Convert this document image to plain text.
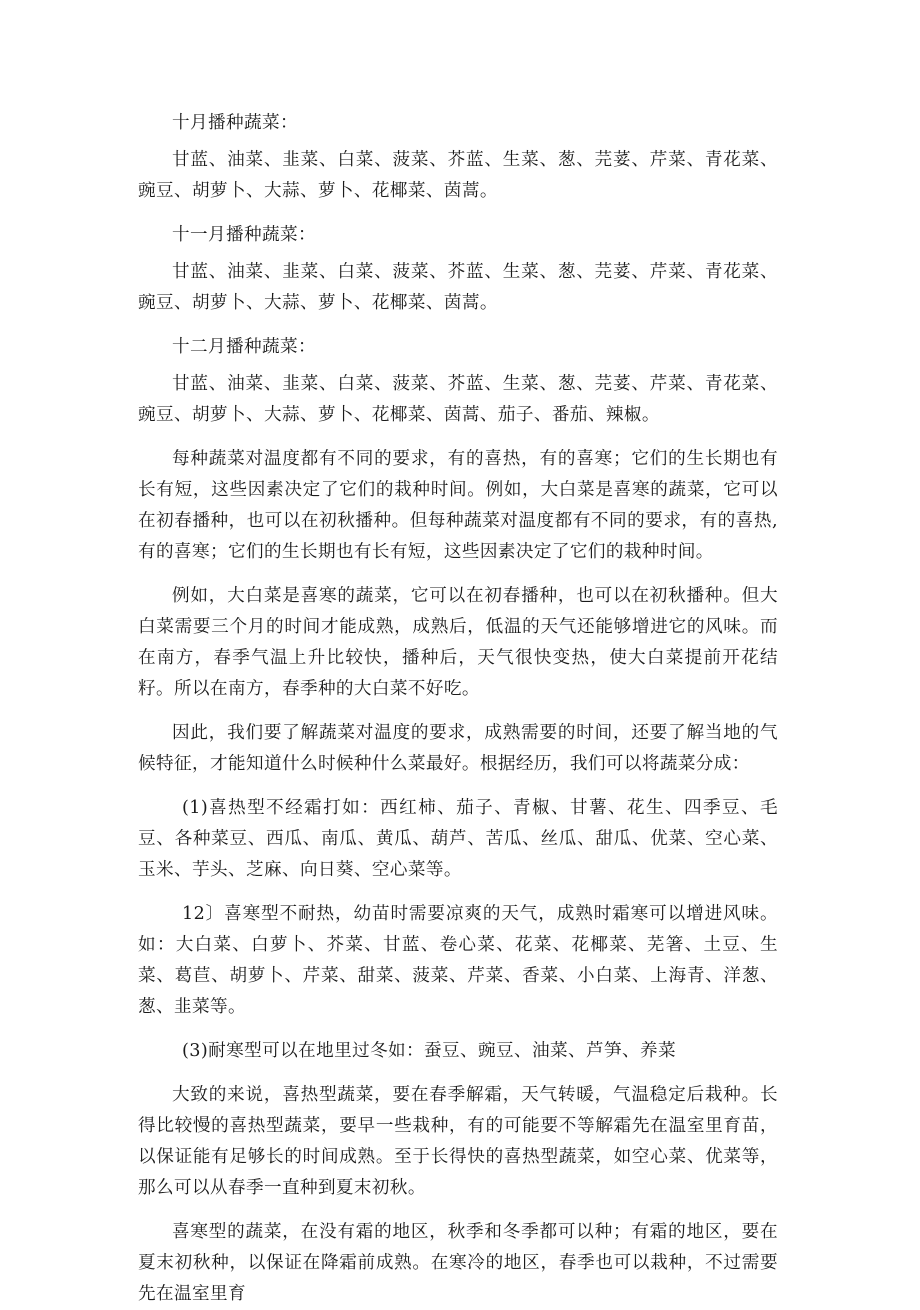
十月播种蔬菜：

甘蓝、油菜、韭菜、白菜、菠菜、芥蓝、生菜、葱、芫荽、芹菜、青花菜、豌豆、胡萝卜、大蒜、萝卜、花椰菜、茵蒿。

十一月播种蔬菜：

甘蓝、油菜、韭菜、白菜、菠菜、芥蓝、生菜、葱、芫荽、芹菜、青花菜、豌豆、胡萝卜、大蒜、萝卜、花椰菜、茵蒿。

十二月播种蔬菜：

甘蓝、油菜、韭菜、白菜、菠菜、芥蓝、生菜、葱、芫荽、芹菜、青花菜、豌豆、胡萝卜、大蒜、萝卜、花椰菜、茵蒿、茄子、番茄、辣椒。

每种蔬菜对温度都有不同的要求，有的喜热，有的喜寒；它们的生长期也有长有短，这些因素决定了它们的栽种时间。例如，大白菜是喜寒的蔬菜，它可以在初春播种，也可以在初秋播种。但每种蔬菜对温度都有不同的要求，有的喜热,有的喜寒；它们的生长期也有长有短，这些因素决定了它们的栽种时间。

例如，大白菜是喜寒的蔬菜，它可以在初春播种，也可以在初秋播种。但大白菜需要三个月的时间才能成熟，成熟后，低温的天气还能够增进它的风味。而在南方，春季气温上升比较快，播种后，天气很快变热，使大白菜提前开花结籽。所以在南方，春季种的大白菜不好吃。

因此，我们要了解蔬菜对温度的要求，成熟需要的时间，还要了解当地的气候特征，才能知道什么时候种什么菜最好。根据经历，我们可以将蔬菜分成：

(1)喜热型不经霜打如：西红柿、茄子、青椒、甘薯、花生、四季豆、毛豆、各种菜豆、西瓜、南瓜、黄瓜、葫芦、苦瓜、丝瓜、甜瓜、优菜、空心菜、玉米、芋头、芝麻、向日葵、空心菜等。

12〕喜寒型不耐热，幼苗时需要凉爽的天气，成熟时霜寒可以增进风味。如：大白菜、白萝卜、芥菜、甘蓝、卷心菜、花菜、花椰菜、芜箸、土豆、生菜、葛苣、胡萝卜、芹菜、甜菜、菠菜、芹菜、香菜、小白菜、上海青、洋葱、葱、韭菜等。

(3)耐寒型可以在地里过冬如：蚕豆、豌豆、油菜、芦笋、养菜

大致的来说，喜热型蔬菜，要在春季解霜，天气转暖，气温稳定后栽种。长得比较慢的喜热型蔬菜，要早一些栽种，有的可能要不等解霜先在温室里育苗，以保证能有足够长的时间成熟。至于长得快的喜热型蔬菜，如空心菜、优菜等，那么可以从春季一直种到夏末初秋。

喜寒型的蔬菜，在没有霜的地区，秋季和冬季都可以种；有霜的地区，要在夏末初秋种，以保证在降霜前成熟。在寒冷的地区，春季也可以栽种，不过需要先在温室里育
